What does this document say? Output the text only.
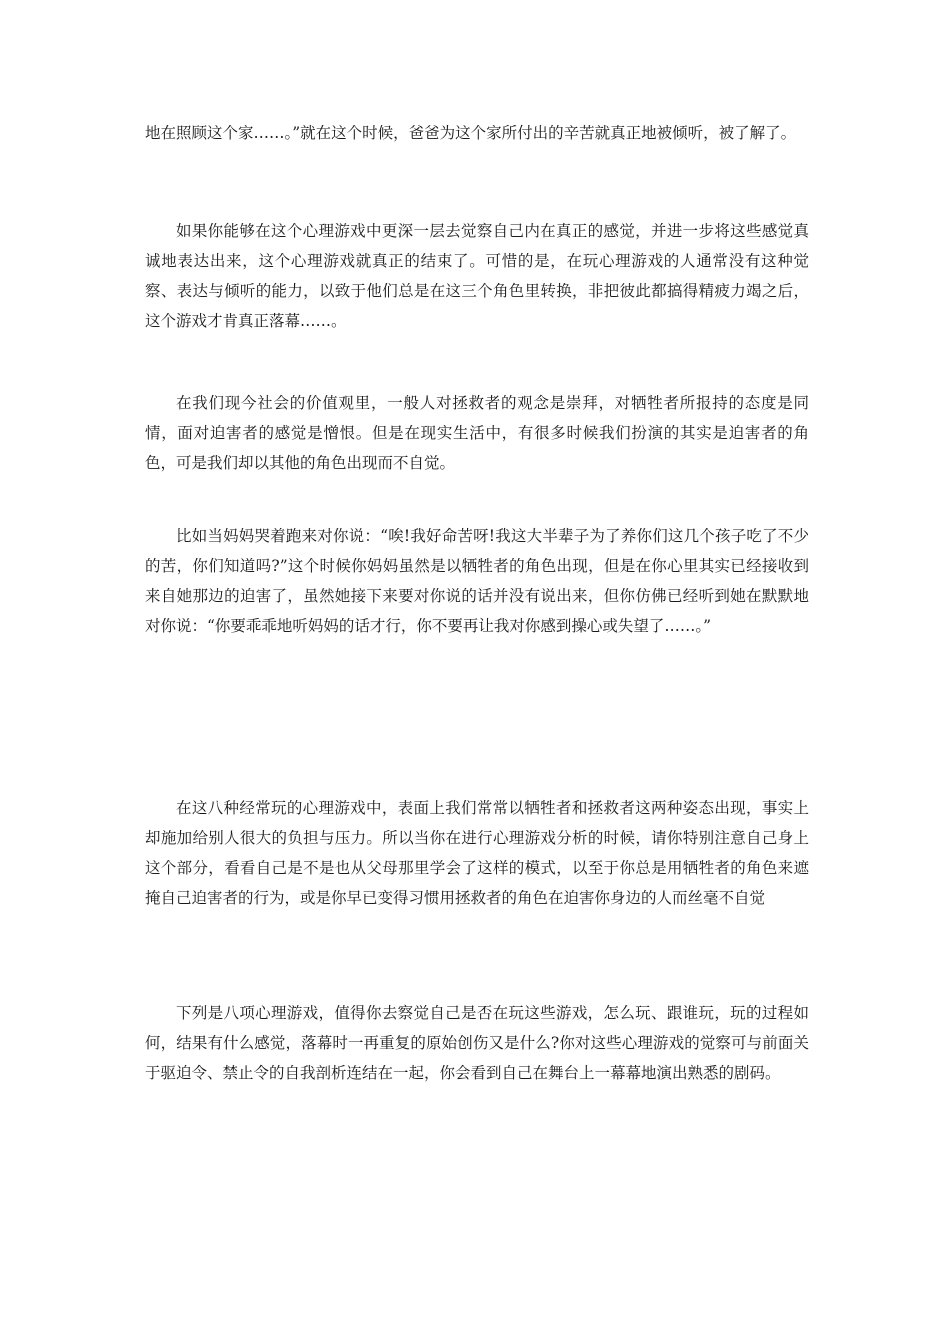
地在照顾这个家……。”就在这个时候，爸爸为这个家所付出的辛苦就真正地被倾听，被了解了。

如果你能够在这个心理游戏中更深一层去觉察自己内在真正的感觉，并进一步将这些感觉真诚地表达出来，这个心理游戏就真正的结束了。可惜的是，在玩心理游戏的人通常没有这种觉察、表达与倾听的能力，以致于他们总是在这三个角色里转换，非把彼此都搞得精疲力竭之后，这个游戏才肯真正落幕……。

在我们现今社会的价值观里，一般人对拯救者的观念是崇拜，对牺牲者所报持的态度是同情，面对迫害者的感觉是憎恨。但是在现实生活中，有很多时候我们扮演的其实是迫害者的角色，可是我们却以其他的角色出现而不自觉。

比如当妈妈哭着跑来对你说：“唉!我好命苦呀!我这大半辈子为了养你们这几个孩子吃了不少的苦，你们知道吗?”这个时候你妈妈虽然是以牺牲者的角色出现，但是在你心里其实已经接收到来自她那边的迫害了，虽然她接下来要对你说的话并没有说出来，但你仿佛已经听到她在默默地对你说：“你要乖乖地听妈妈的话才行，你不要再让我对你感到操心或失望了……。”

在这八种经常玩的心理游戏中，表面上我们常常以牺牲者和拯救者这两种姿态出现，事实上却施加给别人很大的负担与压力。所以当你在进行心理游戏分析的时候，请你特别注意自己身上这个部分，看看自己是不是也从父母那里学会了这样的模式，以至于你总是用牺牲者的角色来遮掩自己迫害者的行为，或是你早已变得习惯用拯救者的角色在迫害你身边的人而丝毫不自觉

下列是八项心理游戏，值得你去察觉自己是否在玩这些游戏，怎么玩、跟谁玩，玩的过程如何，结果有什么感觉，落幕时一再重复的原始创伤又是什么?你对这些心理游戏的觉察可与前面关于驱迫令、禁止令的自我剖析连结在一起，你会看到自己在舞台上一幕幕地演出熟悉的剧码。
